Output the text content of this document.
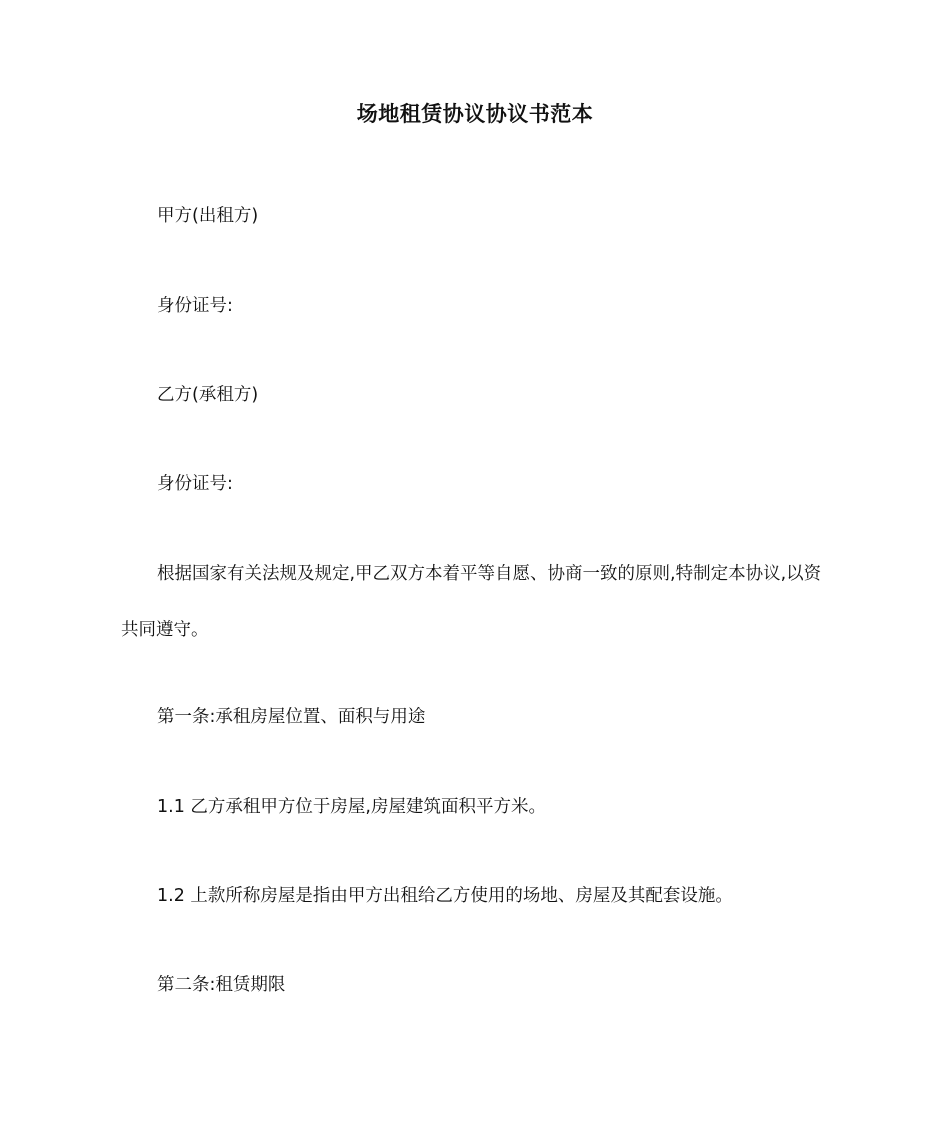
场地租赁协议协议书范本
甲方(出租方)
身份证号:
乙方(承租方)
身份证号:
根据国家有关法规及规定,甲乙双方本着平等自愿、协商一致的原则,特制定本协议,以资共同遵守。
第一条:承租房屋位置、面积与用途
1.1 乙方承租甲方位于房屋,房屋建筑面积平方米。
1.2 上款所称房屋是指由甲方出租给乙方使用的场地、房屋及其配套设施。
第二条:租赁期限
